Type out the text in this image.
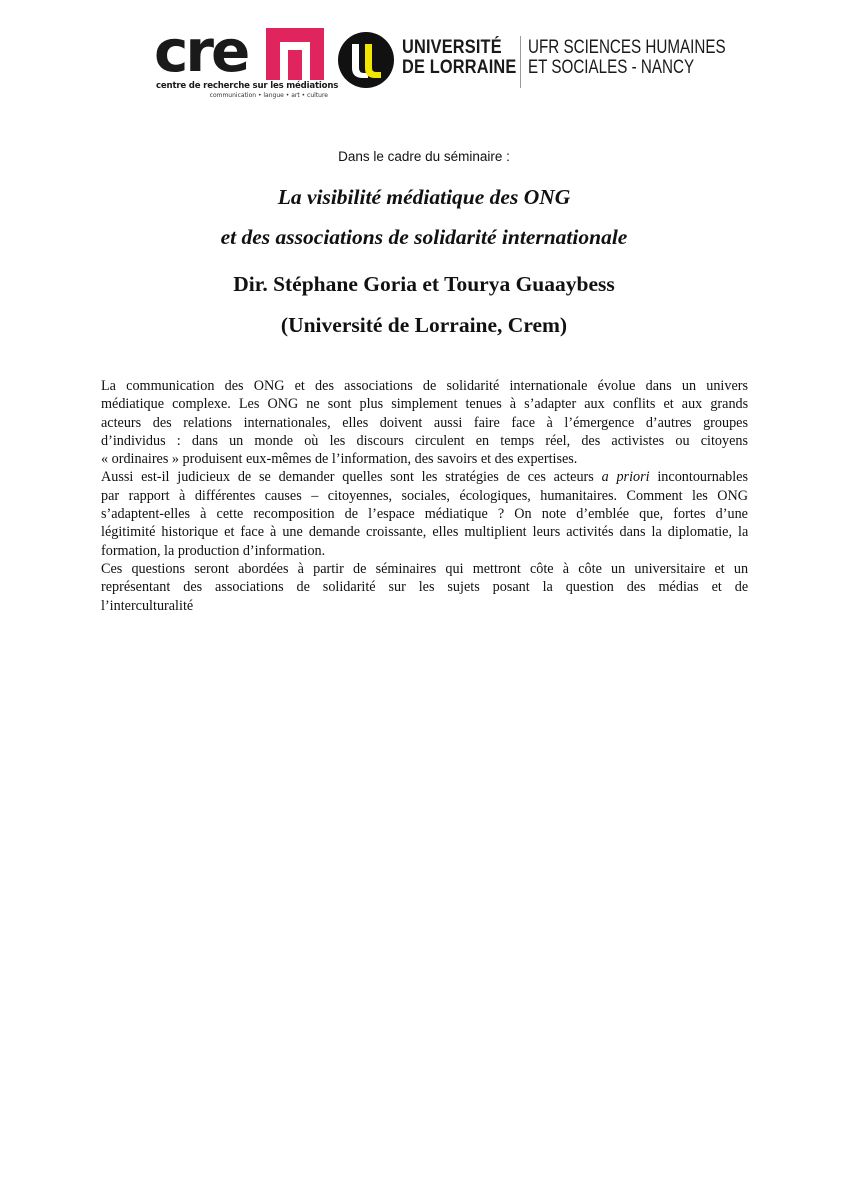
cre
centre de recherche sur les médiations
communication • langue • art • culture
UNIVERSITÉ
DE LORRAINE
UFR SCIENCES HUMAINES
ET SOCIALES - NANCY
Dans le cadre du séminaire :
La visibilité médiatique des ONG
et des associations de solidarité internationale
Dir. Stéphane Goria et Tourya Guaaybess
(Université de Lorraine, Crem)
La communication des ONG et des associations de solidarité internationale évolue dans un univers
médiatique complexe. Les ONG ne sont plus simplement tenues à s’adapter aux conflits et aux grands
acteurs des relations internationales, elles doivent aussi faire face à l’émergence d’autres groupes
d’individus : dans un monde où les discours circulent en temps réel, des activistes ou citoyens
« ordinaires » produisent eux-mêmes de l’information, des savoirs et des expertises.
Aussi est-il judicieux de se demander quelles sont les stratégies de ces acteurs a priori incontournables
par rapport à différentes causes – citoyennes, sociales, écologiques, humanitaires. Comment les ONG
s’adaptent-elles à cette recomposition de l’espace médiatique ? On note d’emblée que, fortes d’une
légitimité historique et face à une demande croissante, elles multiplient leurs activités dans la diplomatie, la
formation, la production d’information.
Ces questions seront abordées à partir de séminaires qui mettront côte à côte un universitaire et un
représentant des associations de solidarité sur les sujets posant la question des médias et de
l’interculturalité
